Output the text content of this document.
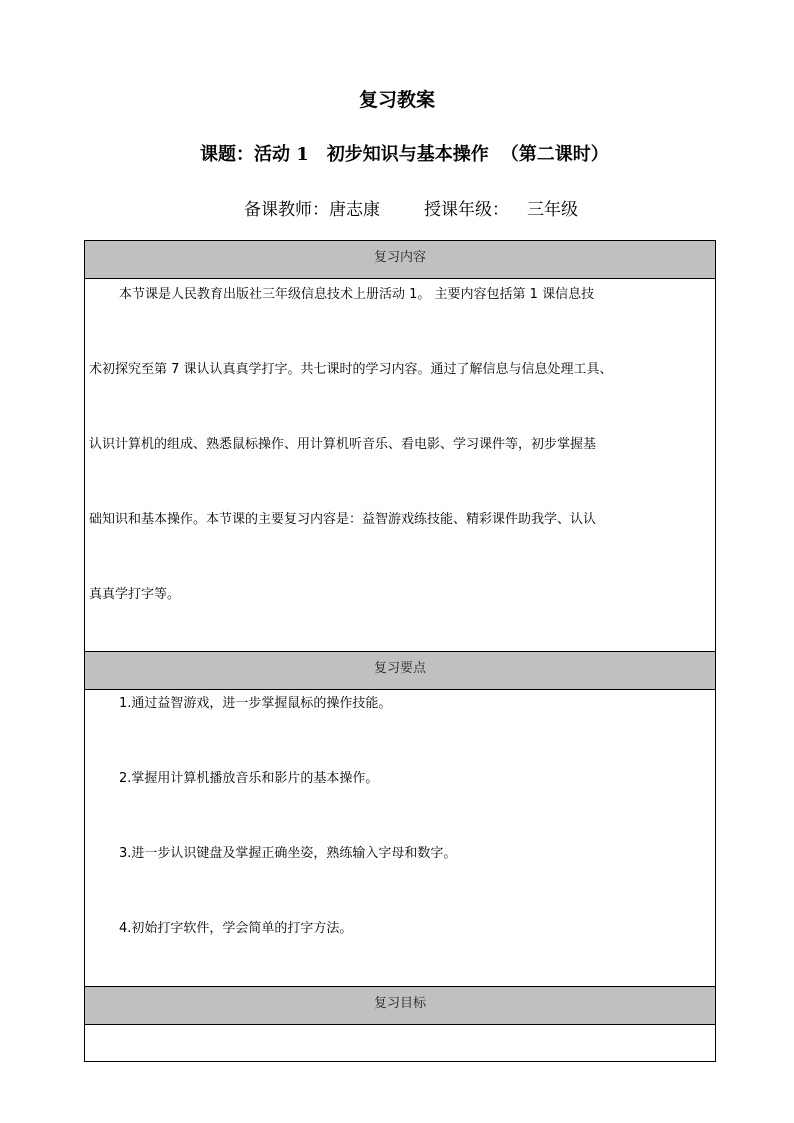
复习教案
课题：活动 1 初步知识与基本操作 （第二课时）
备课教师：唐志康	授课年级： 三年级
复习内容

本节课是人民教育出版社三年级信息技术上册活动 1。 主要内容包括第 1 课信息技
术初探究至第 7 课认认真真学打字。共七课时的学习内容。通过了解信息与信息处理工具、
认识计算机的组成、熟悉鼠标操作、用计算机听音乐、看电影、学习课件等，初步掌握基
础知识和基本操作。本节课的主要复习内容是：益智游戏练技能、精彩课件助我学、认认
真真学打字等。

复习要点

1.通过益智游戏，进一步掌握鼠标的操作技能。
2.掌握用计算机播放音乐和影片的基本操作。
3.进一步认识键盘及掌握正确坐姿，熟练输入字母和数字。
4.初始打字软件，学会简单的打字方法。

复习目标
